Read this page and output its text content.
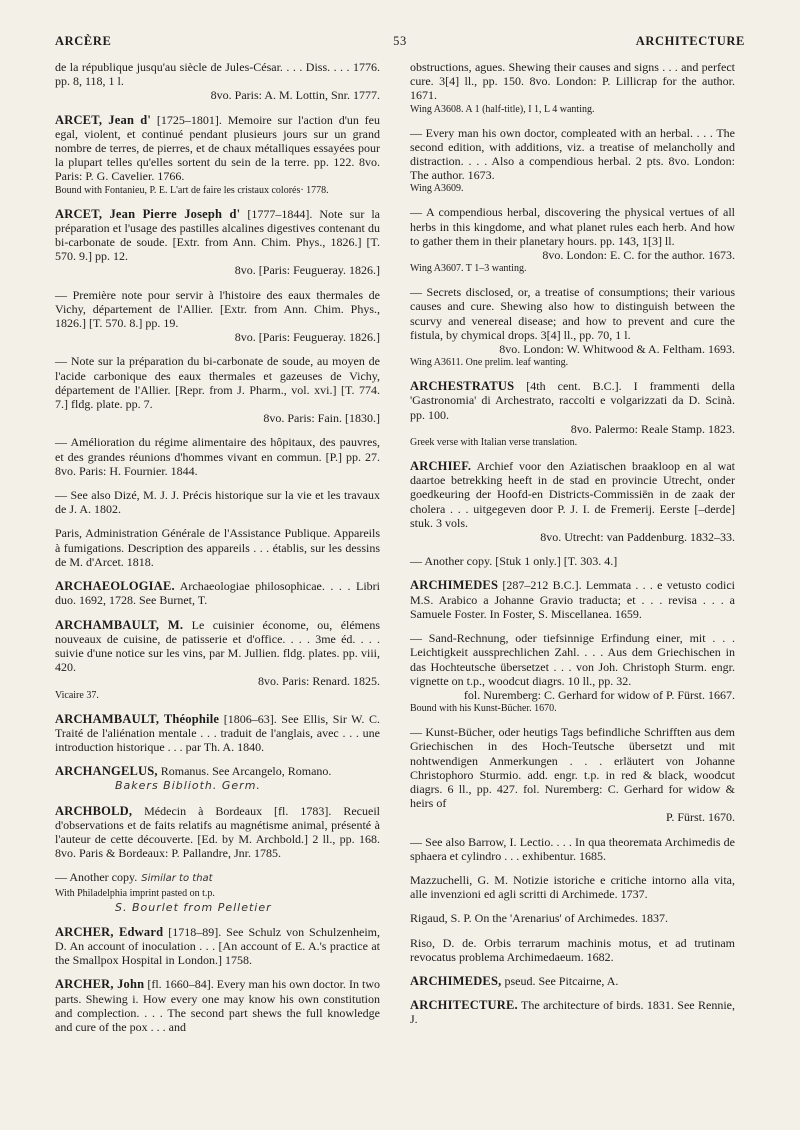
ARCÈRE	53	ARCHITECTURE
de la république jusqu'au siècle de Jules-César. . . . Diss. . . . 1776. pp. 8, 118, 1 l.
8vo. Paris: A. M. Lottin, Snr. 1777.
ARCET, Jean d' [1725–1801]. Memoire sur l'action d'un feu egal, violent, et continué pendant plusieurs jours sur un grand nombre de terres, de pierres, et de chaux métalliques essayées pour la plupart telles qu'elles sortent du sein de la terre. pp. 122. 8vo. Paris: P. G. Cavelier. 1766.
Bound with Fontanieu, P. E. L'art de faire les cristaux colorés· 1778.
ARCET, Jean Pierre Joseph d' [1777–1844]. Note sur la préparation et l'usage des pastilles alcalines digestives contenant du bi-carbonate de soude. [Extr. from Ann. Chim. Phys., 1826.] [T. 570. 9.] pp. 12.
8vo. [Paris: Feugueray. 1826.]
— Première note pour servir à l'histoire des eaux thermales de Vichy, département de l'Allier. [Extr. from Ann. Chim. Phys., 1826.] [T. 570. 8.] pp. 19.
8vo. [Paris: Feugueray. 1826.]
— Note sur la préparation du bi-carbonate de soude, au moyen de l'acide carbonique des eaux thermales et gazeuses de Vichy, département de l'Allier. [Repr. from J. Pharm., vol. xvi.] [T. 774. 7.] fldg. plate. pp. 7.
8vo. Paris: Fain. [1830.]
— Amélioration du régime alimentaire des hôpitaux, des pauvres, et des grandes réunions d'hommes vivant en commun. [P.] pp. 27. 8vo. Paris: H. Fournier. 1844.
— See also Dizé, M. J. J. Précis historique sur la vie et les travaux de J. A. 1802.
Paris, Administration Générale de l'Assistance Publique. Appareils à fumigations. Description des appareils . . . établis, sur les dessins de M. d'Arcet. 1818.
ARCHAEOLOGIAE. Archaeologiae philosophicae. . . . Libri duo. 1692, 1728. See Burnet, T.
ARCHAMBAULT, M. Le cuisinier économe, ou, élémens nouveaux de cuisine, de patisserie et d'office. . . . 3me éd. . . . suivie d'une notice sur les vins, par M. Jullien. fldg. plates. pp. viii, 420.
8vo. Paris: Renard. 1825.
Vicaire 37.
ARCHAMBAULT, Théophile [1806–63]. See Ellis, Sir W. C. Traité de l'aliénation mentale . . . traduit de l'anglais, avec . . . une introduction historique . . . par Th. A. 1840.
ARCHANGELUS, Romanus. See Arcangelo, Romano.
Bakers Biblioth. Germ.
ARCHBOLD, Médecin à Bordeaux [fl. 1783]. Recueil d'observations et de faits relatifs au magnétisme animal, présenté à l'auteur de cette découverte. [Ed. by M. Archbold.] 2 ll., pp. 168. 8vo. Paris & Bordeaux: P. Pallandre, Jnr. 1785.
— Another copy. Similar to that
With Philadelphia imprint pasted on t.p.
S. Bourlet from Pelletier
ARCHER, Edward [1718–89]. See Schulz von Schulzenheim, D. An account of inoculation . . . [An account of E. A.'s practice at the Smallpox Hospital in London.] 1758.
ARCHER, John [fl. 1660–84]. Every man his own doctor. In two parts. Shewing i. How every one may know his own constitution and complection. . . . The second part shews the full knowledge and cure of the pox . . . and
obstructions, agues. Shewing their causes and signs . . . and perfect cure. 3[4] ll., pp. 150. 8vo. London: P. Lillicrap for the author. 1671.
Wing A3608. A 1 (half-title), I 1, L 4 wanting.
— Every man his own doctor, compleated with an herbal. . . . The second edition, with additions, viz. a treatise of melancholly and distraction. . . . Also a compendious herbal. 2 pts. 8vo. London: The author. 1673.
Wing A3609.
— A compendious herbal, discovering the physical vertues of all herbs in this kingdome, and what planet rules each herb. And how to gather them in their planetary hours. pp. 143, 1[3] ll.
8vo. London: E. C. for the author. 1673.
Wing A3607. T 1–3 wanting.
— Secrets disclosed, or, a treatise of consumptions; their various causes and cure. Shewing also how to distinguish between the scurvy and venereal disease; and how to prevent and cure the fistula, by chymical drops. 3[4] ll., pp. 70, 1 l.
8vo. London: W. Whitwood & A. Feltham. 1693.
Wing A3611. One prelim. leaf wanting.
ARCHESTRATUS [4th cent. B.C.]. I frammenti della 'Gastronomia' di Archestrato, raccolti e volgarizzati da D. Scinà. pp. 100.
8vo. Palermo: Reale Stamp. 1823.
Greek verse with Italian verse translation.
ARCHIEF. Archief voor den Aziatischen braakloop en al wat daartoe betrekking heeft in de stad en provincie Utrecht, onder goedkeuring der Hoofd-en Districts-Commissiën in de zaak der cholera . . . uitgegeven door P. J. I. de Fremerij. Eerste [–derde] stuk. 3 vols.
8vo. Utrecht: van Paddenburg. 1832–33.
— Another copy. [Stuk 1 only.] [T. 303. 4.]
ARCHIMEDES [287–212 B.C.]. Lemmata . . . e vetusto codici M.S. Arabico a Johanne Gravio traducta; et . . . revisa . . . a Samuele Foster. In Foster, S. Miscellanea. 1659.
— Sand-Rechnung, oder tiefsinnige Erfindung einer, mit . . . Leichtigkeit aussprechlichen Zahl. . . . Aus dem Griechischen in das Hochteutsche übersetzet . . . von Joh. Christoph Sturm. engr. vignette on t.p., woodcut diagrs. 10 ll., pp. 32.
fol. Nuremberg: C. Gerhard for widow of P. Fürst. 1667.
Bound with his Kunst-Bücher. 1670.
— Kunst-Bücher, oder heutigs Tags befindliche Schrifften aus dem Griechischen in des Hoch-Teutsche übersetzt und mit nohtwendigen Anmerkungen . . . erläutert von Johanne Christophoro Sturmio. add. engr. t.p. in red & black, woodcut diagrs. 6 ll., pp. 427. fol. Nuremberg: C. Gerhard for widow & heirs of
P. Fürst. 1670.
— See also Barrow, I. Lectio. . . . In qua theoremata Archimedis de sphaera et cylindro . . . exhibentur. 1685.
Mazzuchelli, G. M. Notizie istoriche e critiche intorno alla vita, alle invenzioni ed agli scritti di Archimede. 1737.
Rigaud, S. P. On the 'Arenarius' of Archimedes. 1837.
Riso, D. de. Orbis terrarum machinis motus, et ad trutinam revocatus problema Archimedaeum. 1682.
ARCHIMEDES, pseud. See Pitcairne, A.
ARCHITECTURE. The architecture of birds. 1831. See Rennie, J.
